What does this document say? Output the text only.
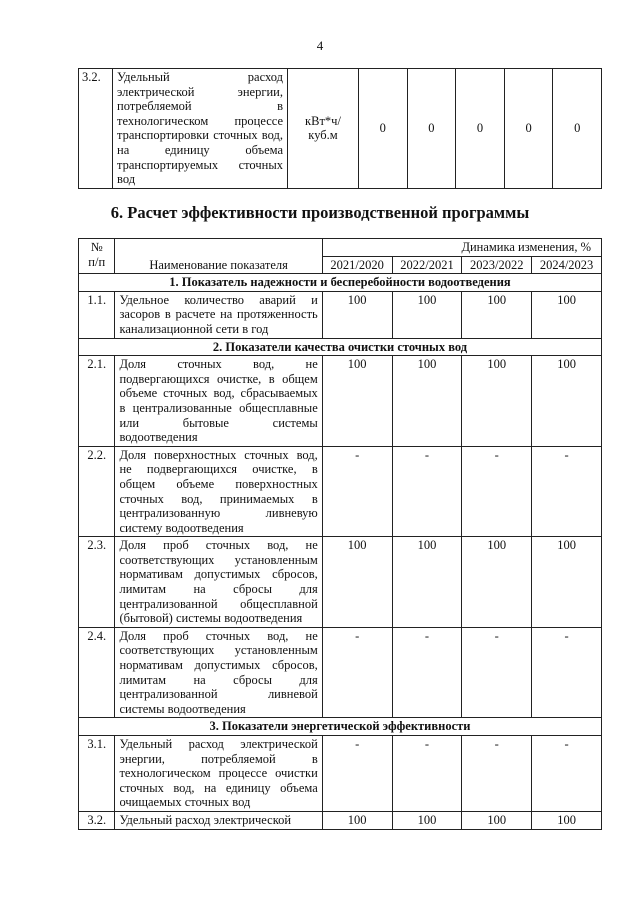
4
3.2.	Удельный расход электрической энергии, потребляемой в технологическом процессе транспортировки сточных вод, на единицу объема транспортируемых сточных вод	кВт*ч/ куб.м	0	0	0	0	0
6. Расчет эффективности производственной программы
№
п/п	Наименование показателя	Динамика изменения, %			
		2021/2020	2022/2021	2023/2022	2024/2023
1. Показатель надежности и бесперебойности водоотведения					
1.1.	Удельное количество аварий и засоров в расчете на протяженность канализационной сети в год	100	100	100	100
2. Показатели качества очистки сточных вод					
2.1.	Доля сточных вод, не подвергающихся очистке, в общем объеме сточных вод, сбрасываемых в централизованные общесплавные или бытовые системы водоотведения	100	100	100	100
2.2.	Доля поверхностных сточных вод, не подвергающихся очистке, в общем объеме поверхностных сточных вод, принимаемых в централизованную ливневую систему водоотведения	-	-	-	-
2.3.	Доля проб сточных вод, не соответствующих установленным нормативам допустимых сбросов, лимитам на сбросы для централизованной общесплавной (бытовой) системы водоотведения	100	100	100	100
2.4.	Доля проб сточных вод, не соответствующих установленным нормативам допустимых сбросов, лимитам на сбросы для централизованной ливневой системы водоотведения	-	-	-	-
3. Показатели энергетической эффективности					
3.1.	Удельный расход электрической энергии, потребляемой в технологическом процессе очистки сточных вод, на единицу объема очищаемых сточных вод	-	-	-	-
3.2.	Удельный расход электрической	100	100	100	100
